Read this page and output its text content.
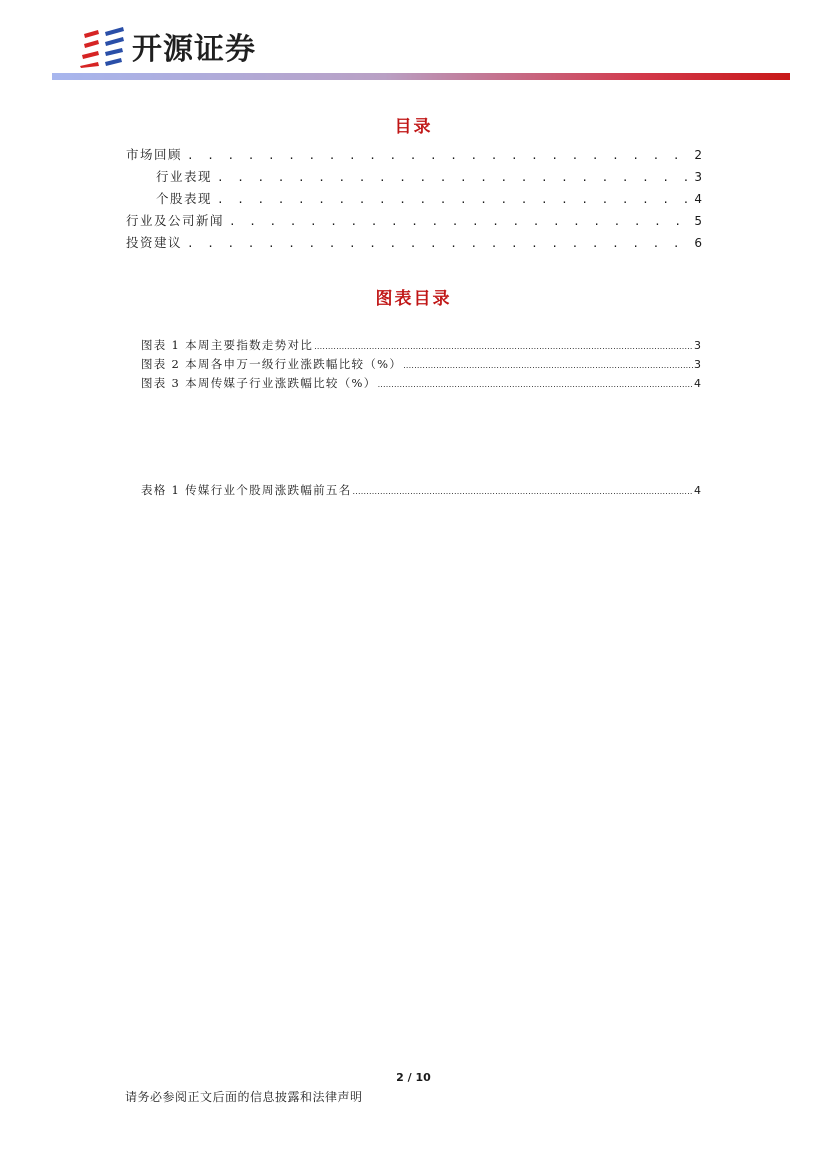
开源证券
目录
市场回顾 . . .	2
行业表现 . . .	3
个股表现 . . .	4
行业及公司新闻 . . .	5
投资建议 . . .	6
图表目录
图表 1 本周主要指数走势对比 .....	3
图表 2 本周各申万一级行业涨跌幅比较（%） .....	3
图表 3 本周传媒子行业涨跌幅比较（%） .....	4
表格 1 传媒行业个股周涨跌幅前五名 .....	4
2 / 10
请务必参阅正文后面的信息披露和法律声明
